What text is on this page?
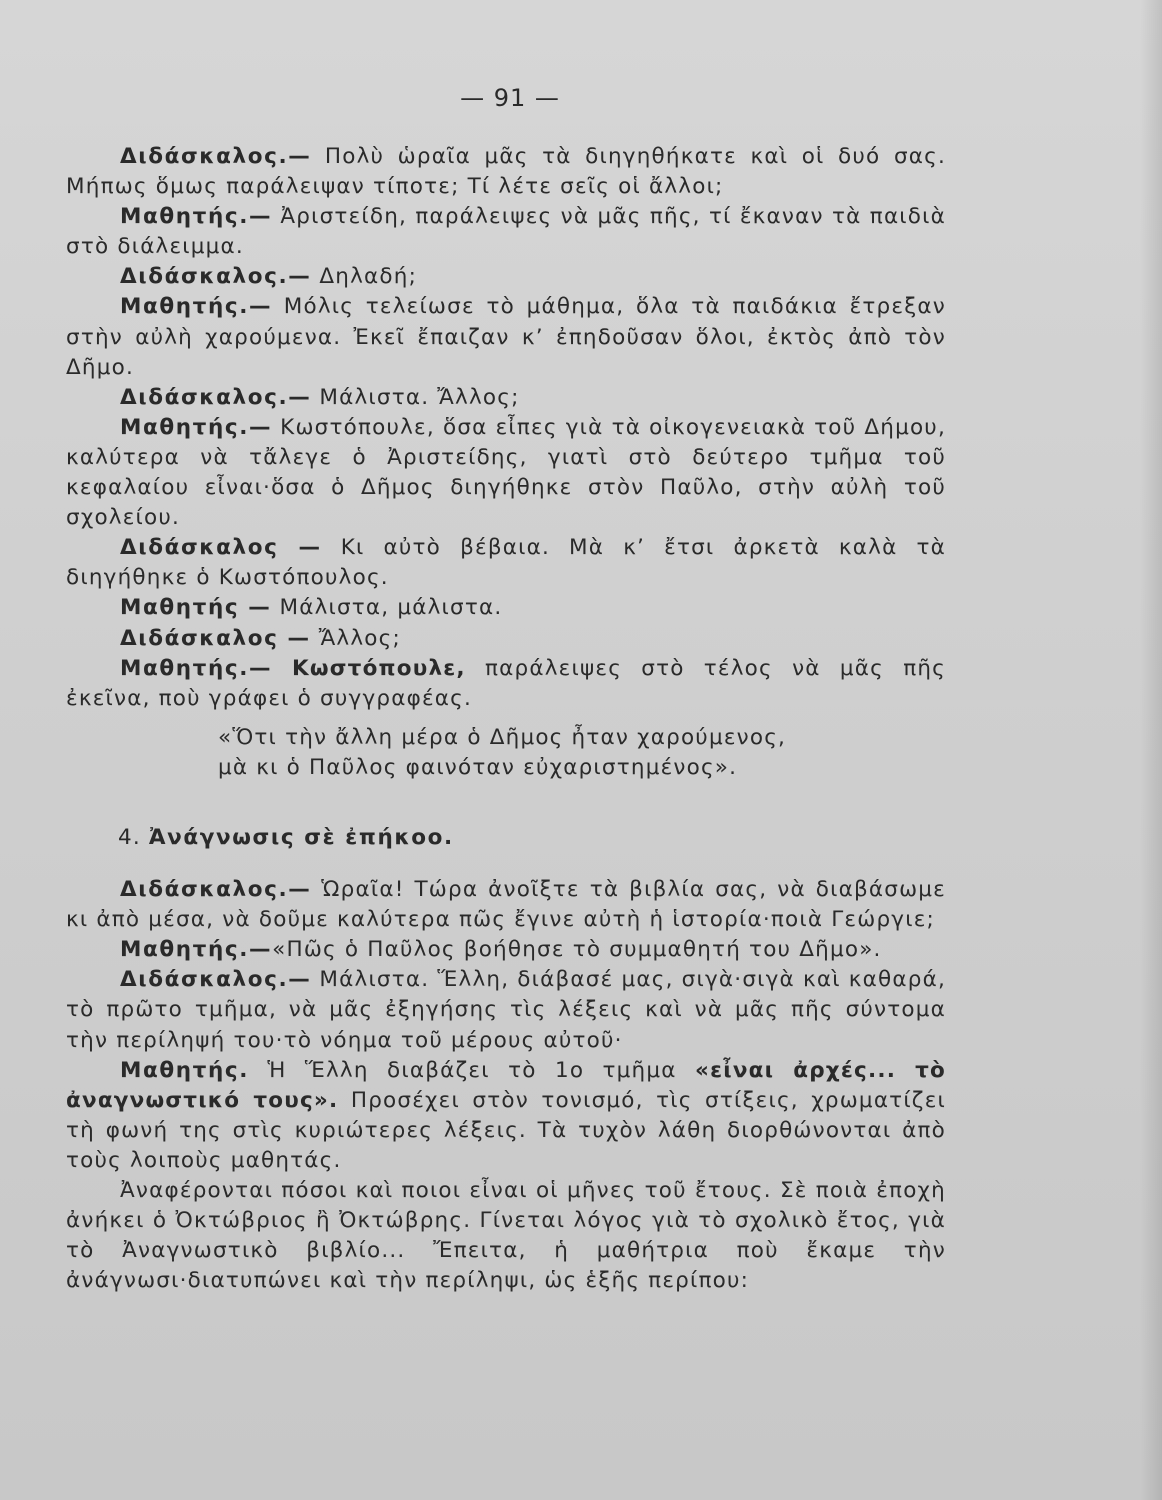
— 91 —

Διδάσκαλος.— Πολὺ ὡραῖα μᾶς τὰ διηγηθήκατε καὶ οἱ δυό σας. Μήπως ὅμως παράλειψαν τίποτε; Τί λέτε σεῖς οἱ ἄλλοι;

Μαθητής.— Ἀριστείδη, παράλειψες νὰ μᾶς πῆς, τί ἔκαναν τὰ παιδιὰ στὸ διάλειμμα.

Διδάσκαλος.— Δηλαδή;

Μαθητής.— Μόλις τελείωσε τὸ μάθημα, ὅλα τὰ παιδάκια ἔτρεξαν στὴν αὐλὴ χαρούμενα. Ἐκεῖ ἔπαιζαν κ’ ἐπηδοῦσαν ὅλοι, ἐκτὸς ἀπὸ τὸν Δῆμο.

Διδάσκαλος.— Μάλιστα. Ἄλλος;

Μαθητής.— Κωστόπουλε, ὅσα εἶπες γιὰ τὰ οἰκογενειακὰ τοῦ Δήμου, καλύτερα νὰ τἄλεγε ὁ Ἀριστείδης, γιατὶ στὸ δεύτερο τμῆμα τοῦ κεφαλαίου εἶναι·ὅσα ὁ Δῆμος διηγήθηκε στὸν Παῦλο, στὴν αὐλὴ τοῦ σχολείου.

Διδάσκαλος — Κι αὐτὸ βέβαια. Μὰ κ’ ἔτσι ἀρκετὰ καλὰ τὰ διηγήθηκε ὁ Κωστόπουλος.

Μαθητής — Μάλιστα, μάλιστα.

Διδάσκαλος — Ἄλλος;

Μαθητής.— Κωστόπουλε, παράλειψες στὸ τέλος νὰ μᾶς πῆς ἐκεῖνα, ποὺ γράφει ὁ συγγραφέας.

«Ὅτι τὴν ἄλλη μέρα ὁ Δῆμος ἦταν χαρούμενος,
μὰ κι ὁ Παῦλος φαινόταν εὐχαριστημένος».

4. Ἀνάγνωσις σὲ ἐπήκοο.

Διδάσκαλος.— Ὡραῖα! Τώρα ἀνοῖξτε τὰ βιβλία σας, νὰ διαβάσωμε κι ἀπὸ μέσα, νὰ δοῦμε καλύτερα πῶς ἔγινε αὐτὴ ἡ ἱστορία·ποιὰ Γεώργιε;

Μαθητής.—«Πῶς ὁ Παῦλος βοήθησε τὸ συμμαθητή του Δῆμο».

Διδάσκαλος.— Μάλιστα. Ἕλλη, διάβασέ μας, σιγὰ·σιγὰ καὶ καθαρά, τὸ πρῶτο τμῆμα, νὰ μᾶς ἐξηγήσης τὶς λέξεις καὶ νὰ μᾶς πῆς σύντομα τὴν περίληψή του·τὸ νόημα τοῦ μέρους αὐτοῦ·

Μαθητής. Ἡ Ἕλλη διαβάζει τὸ 1ο τμῆμα «εἶναι ἀρχές... τὸ ἀναγνωστικό τους». Προσέχει στὸν τονισμό, τὶς στίξεις, χρωματίζει τὴ φωνή της στὶς κυριώτερες λέξεις. Τὰ τυχὸν λάθη διορθώνονται ἀπὸ τοὺς λοιποὺς μαθητάς.

Ἀναφέρονται πόσοι καὶ ποιοι εἶναι οἱ μῆνες τοῦ ἔτους. Σὲ ποιὰ ἐποχὴ ἀνήκει ὁ Ὀκτώβριος ἢ Ὀκτώβρης. Γίνεται λόγος γιὰ τὸ σχολικὸ ἔτος, γιὰ τὸ Ἀναγνωστικὸ βιβλίο... Ἔπειτα, ἡ μαθήτρια ποὺ ἔκαμε τὴν ἀνάγνωσι·διατυπώνει καὶ τὴν περίληψι, ὡς ἑξῆς περίπου:
